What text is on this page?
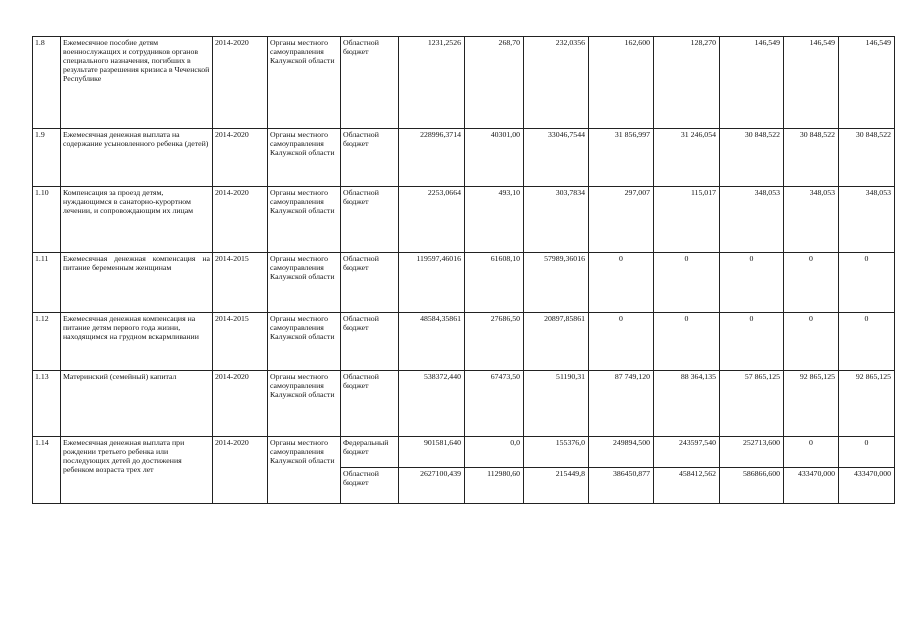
1.8	Ежемесячное пособие детям военнослужащих и сотрудников органов специального назначения, погибших в результате разрешения кризиса в Чеченской Республике	2014-2020	Органы местного самоуправления Калужской области	Областной бюджет	1231,2526	268,70	232,0356	162,600	128,270	146,549	146,549	146,549
1.9	Ежемесячная денежная выплата на содержание усыновленного ребенка (детей)	2014-2020	Органы местного самоуправления Калужской области	Областной бюджет	228996,3714	40301,00	33046,7544	31 856,997	31 246,054	30 848,522	30 848,522	30 848,522
1.10	Компенсация за проезд детям, нуждающимся в санаторно-курортном лечении, и сопровождающим их лицам	2014-2020	Органы местного самоуправления Калужской области	Областной бюджет	2253,0664	493,10	303,7834	297,007	115,017	348,053	348,053	348,053
1.11	Ежемесячная денежная компенсация на питание беременным женщинам	2014-2015	Органы местного самоуправления Калужской области	Областной бюджет	119597,46016	61608,10	57989,36016	0	0	0	0	0
1.12	Ежемесячная денежная компенсация на питание детям первого года жизни, находящимся на грудном вскармливании	2014-2015	Органы местного самоуправления Калужской области	Областной бюджет	48584,35861	27686,50	20897,85861	0	0	0	0	0
1.13	Материнский (семейный) капитал	2014-2020	Органы местного самоуправления Калужской области	Областной бюджет	538372,440	67473,50	51190,31	87 749,120	88 364,135	57 865,125	92 865,125	92 865,125
1.14	Ежемесячная денежная выплата при рождении третьего ребенка или последующих детей до достижения ребенком возраста трех лет	2014-2020	Органы местного самоуправления Калужской области	Федеральный бюджет	901581,640	0,0	155376,0	249894,500	243597,540	252713,600	0	0
				Областной бюджет	2627100,439	112980,60	215449,8	386450,877	458412,562	586866,600	433470,000	433470,000
